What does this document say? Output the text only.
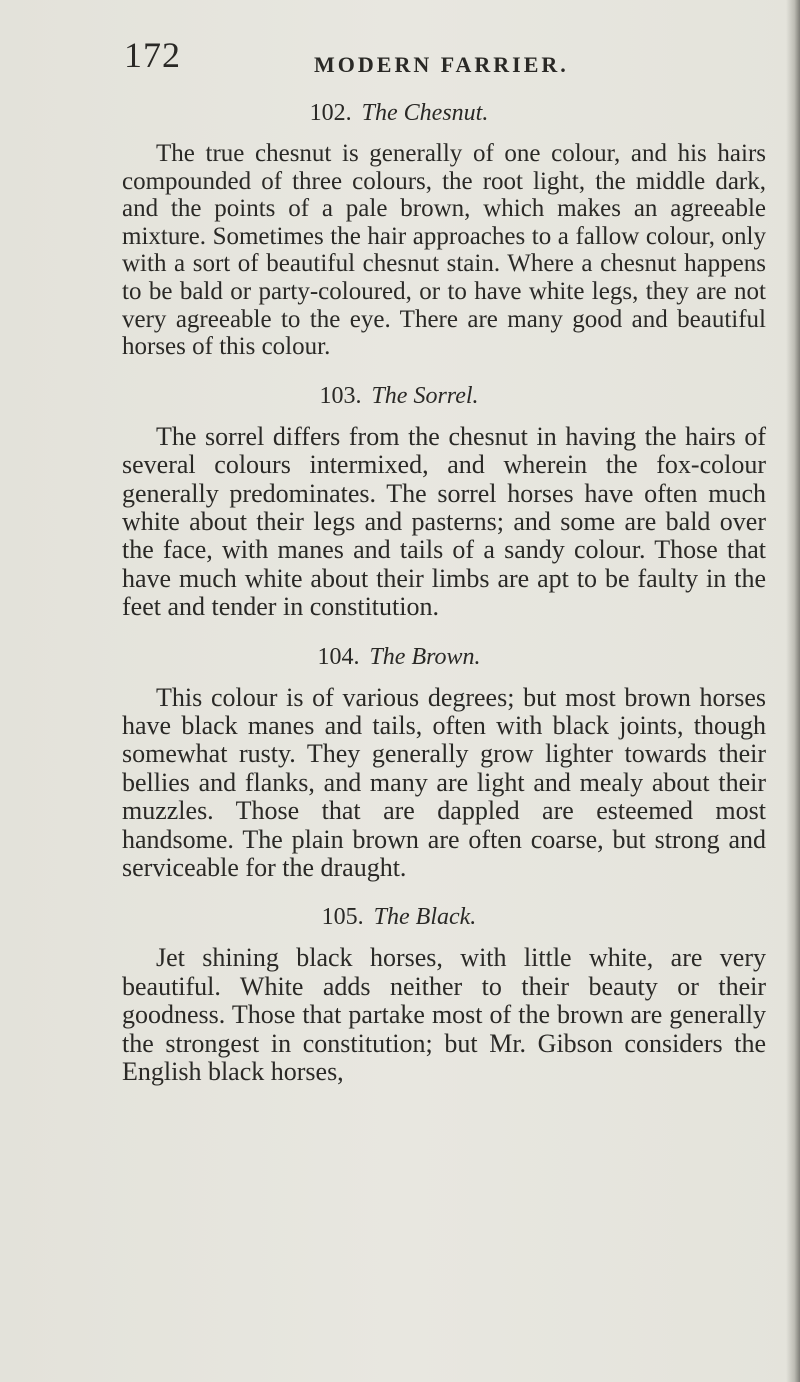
172	MODERN FARRIER.
102. The Chesnut.

The true chesnut is generally of one colour, and his hairs compounded of three colours, the root light, the middle dark, and the points of a pale brown, which makes an agreeable mixture. Sometimes the hair approaches to a fallow colour, only with a sort of beautiful chesnut stain. Where a chesnut happens to be bald or party-coloured, or to have white legs, they are not very agreeable to the eye. There are many good and beautiful horses of this colour.

103. The Sorrel.

The sorrel differs from the chesnut in having the hairs of several colours intermixed, and wherein the fox-colour generally predominates. The sorrel horses have often much white about their legs and pasterns; and some are bald over the face, with manes and tails of a sandy colour. Those that have much white about their limbs are apt to be faulty in the feet and tender in constitution.

104. The Brown.

This colour is of various degrees; but most brown horses have black manes and tails, often with black joints, though somewhat rusty. They generally grow lighter towards their bellies and flanks, and many are light and mealy about their muzzles. Those that are dappled are esteemed most handsome. The plain brown are often coarse, but strong and serviceable for the draught.

105. The Black.

Jet shining black horses, with little white, are very beautiful. White adds neither to their beauty or their goodness. Those that partake most of the brown are generally the strongest in constitution; but Mr. Gibson considers the English black horses,
